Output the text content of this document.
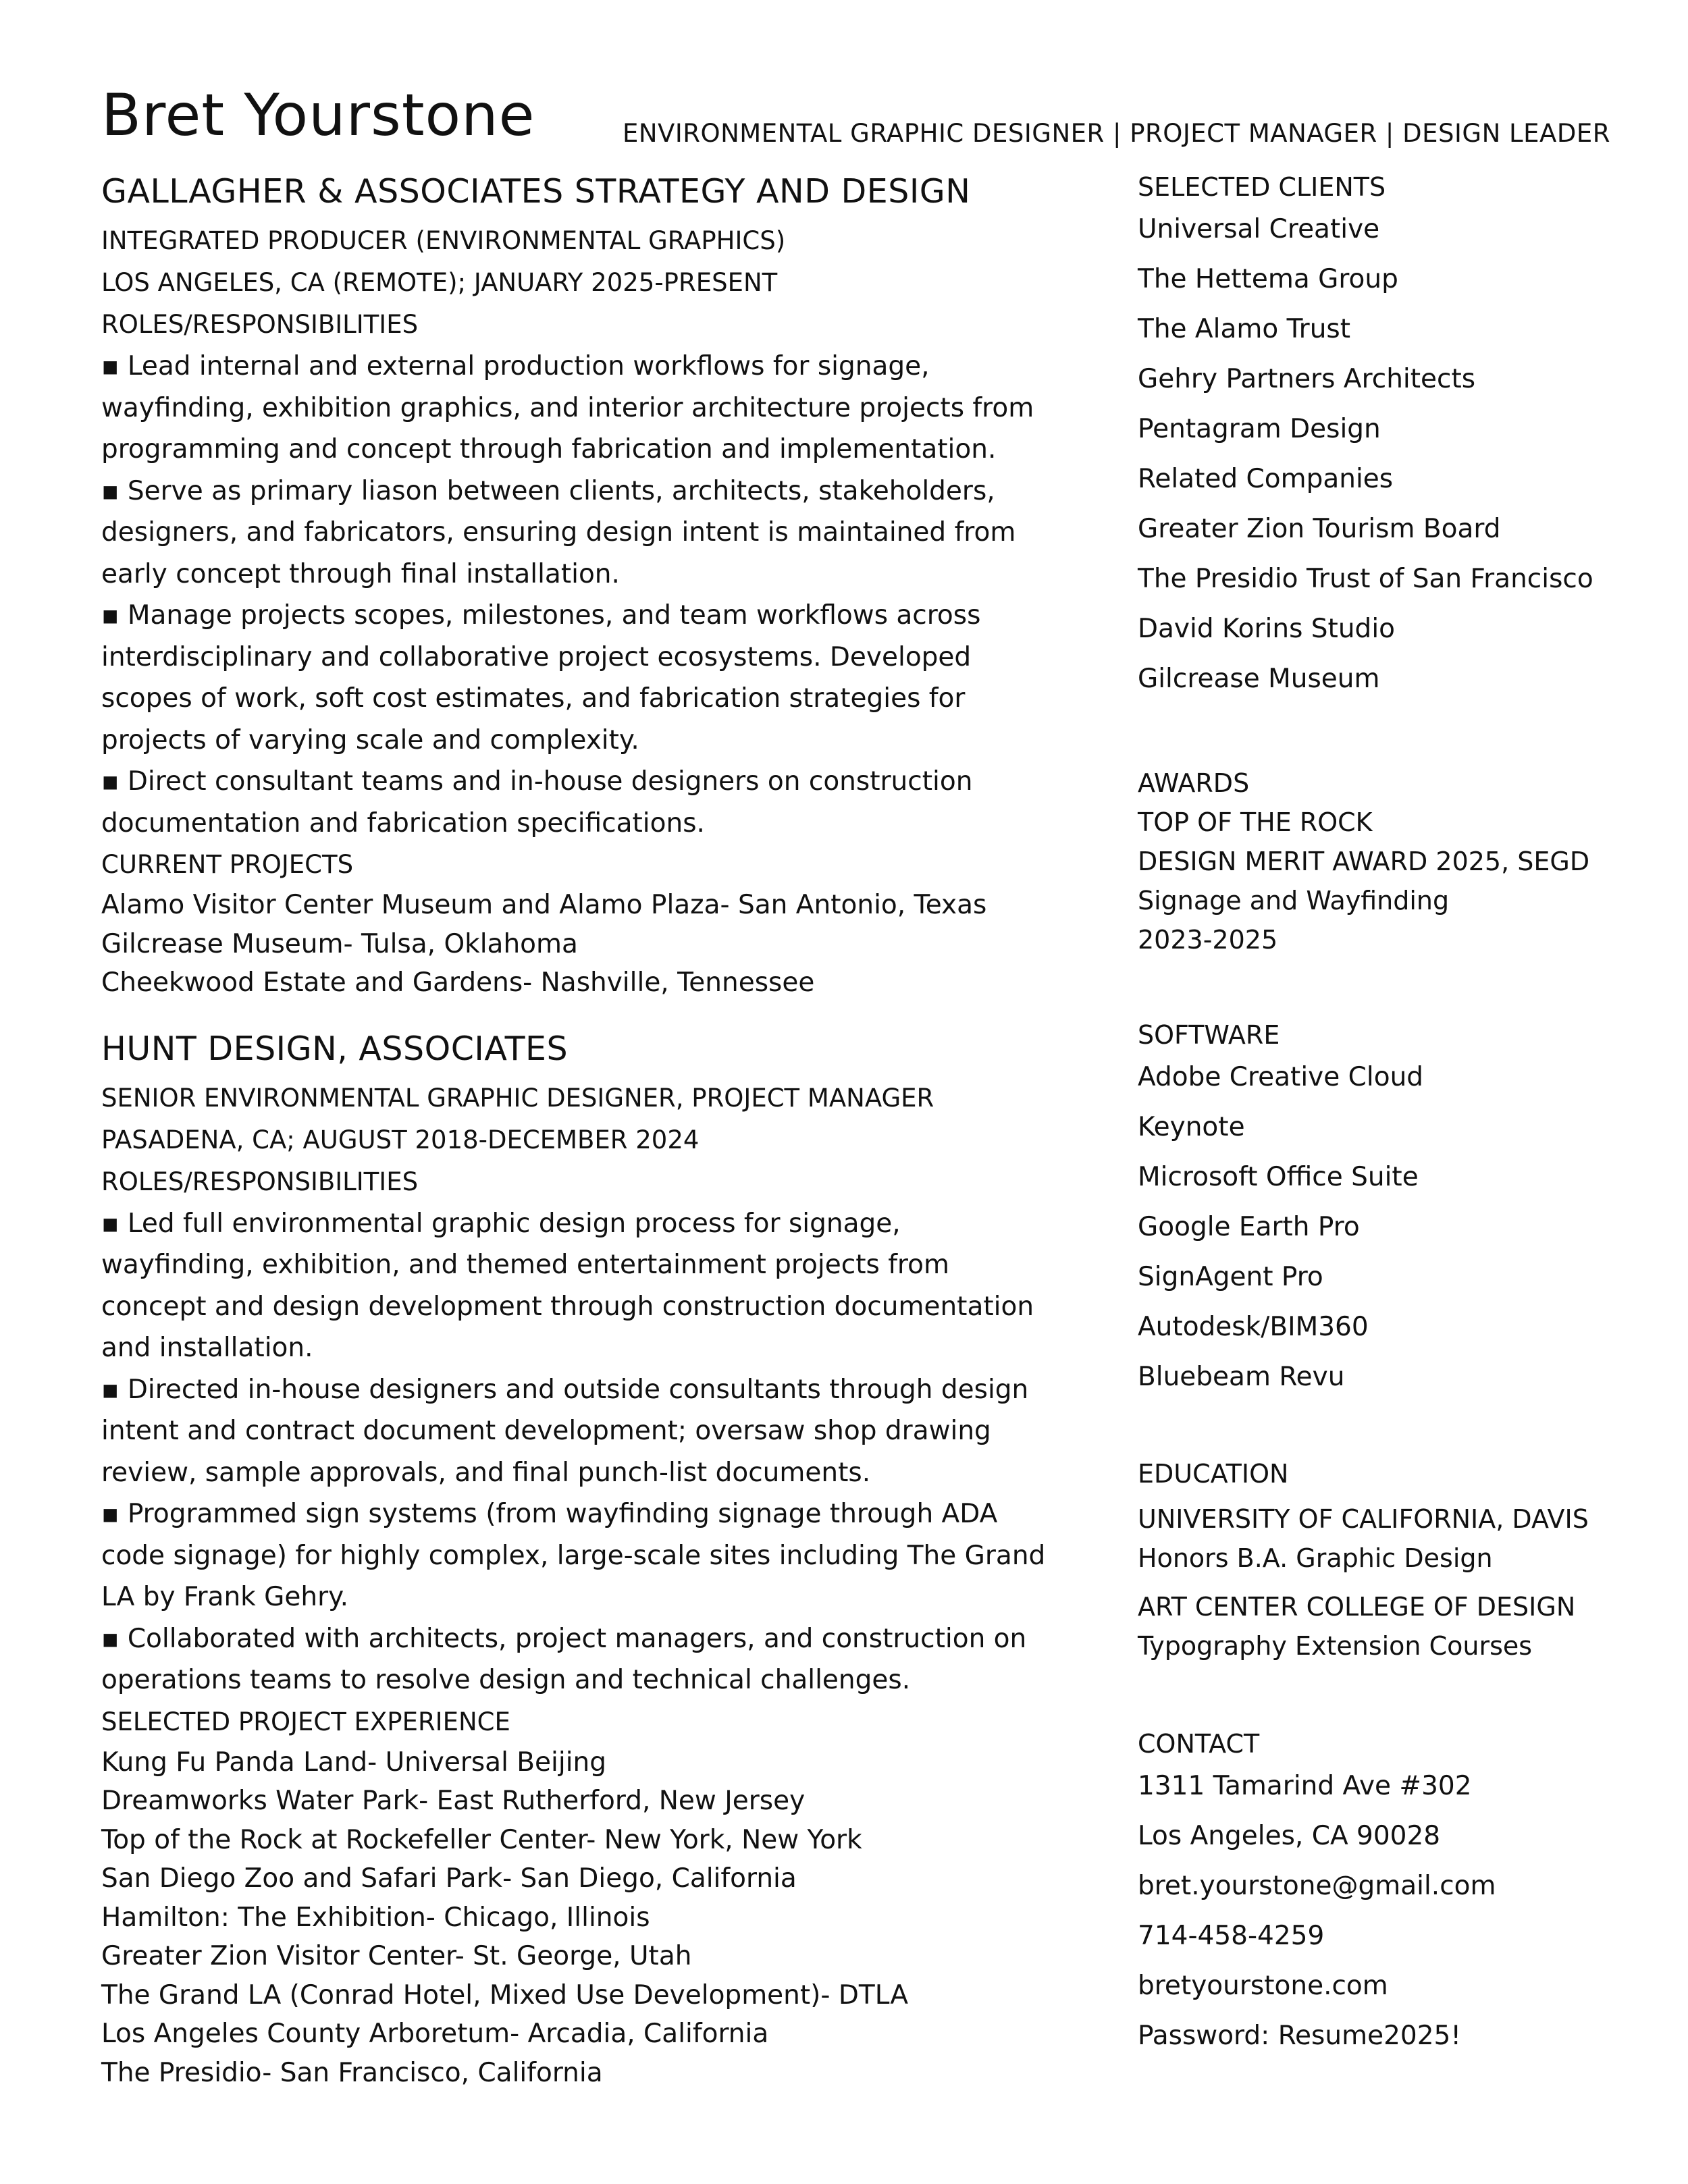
Bret Yourstone	ENVIRONMENTAL GRAPHIC DESIGNER | PROJECT MANAGER | DESIGN LEADER
GALLAGHER & ASSOCIATES STRATEGY AND DESIGN
INTEGRATED PRODUCER (ENVIRONMENTAL GRAPHICS)
LOS ANGELES, CA (REMOTE); JANUARY 2025-PRESENT
ROLES/RESPONSIBILITIES
▪ Lead internal and external production workflows for signage,
wayfinding, exhibition graphics, and interior architecture projects from
programming and concept through fabrication and implementation.
▪ Serve as primary liason between clients, architects, stakeholders,
designers, and fabricators, ensuring design intent is maintained from
early concept through final installation.
▪ Manage projects scopes, milestones, and team workflows across
interdisciplinary and collaborative project ecosystems. Developed
scopes of work, soft cost estimates, and fabrication strategies for
projects of varying scale and complexity.
▪ Direct consultant teams and in-house designers on construction
documentation and fabrication specifications.
CURRENT PROJECTS
Alamo Visitor Center Museum and Alamo Plaza- San Antonio, Texas
Gilcrease Museum- Tulsa, Oklahoma
Cheekwood Estate and Gardens- Nashville, Tennessee
HUNT DESIGN, ASSOCIATES
SENIOR ENVIRONMENTAL GRAPHIC DESIGNER, PROJECT MANAGER
PASADENA, CA; AUGUST 2018-DECEMBER 2024
ROLES/RESPONSIBILITIES
▪ Led full environmental graphic design process for signage,
wayfinding, exhibition, and themed entertainment projects from
concept and design development through construction documentation
and installation.
▪ Directed in-house designers and outside consultants through design
intent and contract document development; oversaw shop drawing
review, sample approvals, and final punch-list documents.
▪ Programmed sign systems (from wayfinding signage through ADA
code signage) for highly complex, large-scale sites including The Grand
LA by Frank Gehry.
▪ Collaborated with architects, project managers, and construction on
operations teams to resolve design and technical challenges.
SELECTED PROJECT EXPERIENCE
Kung Fu Panda Land- Universal Beijing
Dreamworks Water Park- East Rutherford, New Jersey
Top of the Rock at Rockefeller Center- New York, New York
San Diego Zoo and Safari Park- San Diego, California
Hamilton: The Exhibition- Chicago, Illinois
Greater Zion Visitor Center- St. George, Utah
The Grand LA (Conrad Hotel, Mixed Use Development)- DTLA
Los Angeles County Arboretum- Arcadia, California
The Presidio- San Francisco, California
SELECTED CLIENTS
Universal Creative
The Hettema Group
The Alamo Trust
Gehry Partners Architects
Pentagram Design
Related Companies
Greater Zion Tourism Board
The Presidio Trust of San Francisco
David Korins Studio
Gilcrease Museum
AWARDS
TOP OF THE ROCK
DESIGN MERIT AWARD 2025, SEGD
Signage and Wayfinding
2023-2025
SOFTWARE
Adobe Creative Cloud
Keynote
Microsoft Office Suite
Google Earth Pro
SignAgent Pro
Autodesk/BIM360
Bluebeam Revu
EDUCATION
UNIVERSITY OF CALIFORNIA, DAVIS
Honors B.A. Graphic Design
ART CENTER COLLEGE OF DESIGN
Typography Extension Courses
CONTACT
1311 Tamarind Ave #302
Los Angeles, CA 90028
bret.yourstone@gmail.com
714-458-4259
bretyourstone.com
Password: Resume2025!
